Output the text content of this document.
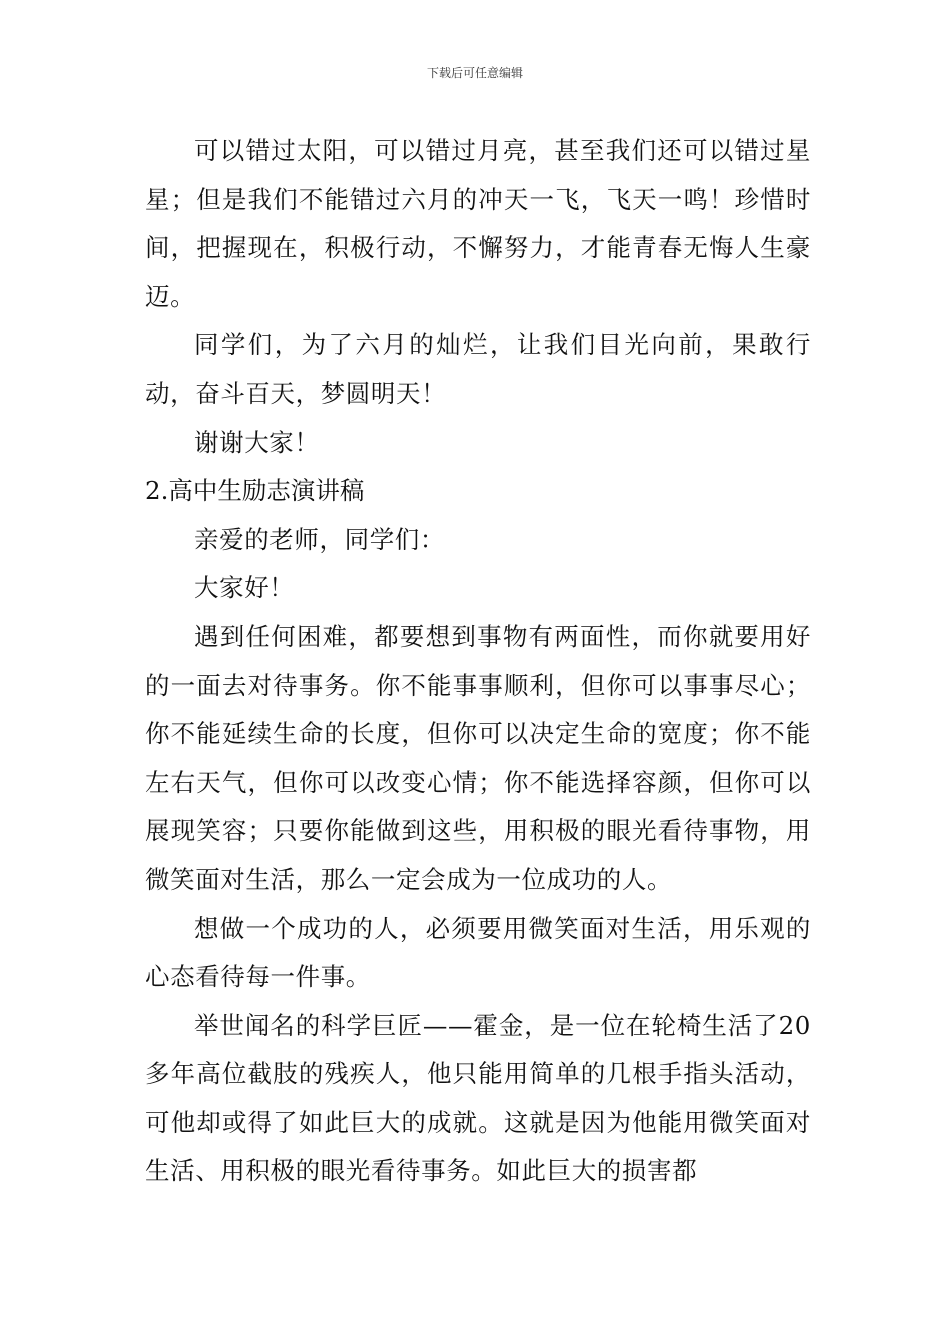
下载后可任意编辑

可以错过太阳，可以错过月亮，甚至我们还可以错过星星；但是我们不能错过六月的冲天一飞，飞天一鸣！珍惜时间，把握现在，积极行动，不懈努力，才能青春无悔人生豪迈。

同学们，为了六月的灿烂，让我们目光向前，果敢行动，奋斗百天，梦圆明天！

谢谢大家！

2.高中生励志演讲稿

亲爱的老师，同学们：

大家好！

遇到任何困难，都要想到事物有两面性，而你就要用好的一面去对待事务。你不能事事顺利，但你可以事事尽心；你不能延续生命的长度，但你可以决定生命的宽度；你不能左右天气，但你可以改变心情；你不能选择容颜，但你可以展现笑容；只要你能做到这些，用积极的眼光看待事物，用微笑面对生活，那么一定会成为一位成功的人。

想做一个成功的人，必须要用微笑面对生活，用乐观的心态看待每一件事。

举世闻名的科学巨匠——霍金，是一位在轮椅生活了20多年高位截肢的残疾人，他只能用简单的几根手指头活动，可他却或得了如此巨大的成就。这就是因为他能用微笑面对生活、用积极的眼光看待事务。如此巨大的损害都
